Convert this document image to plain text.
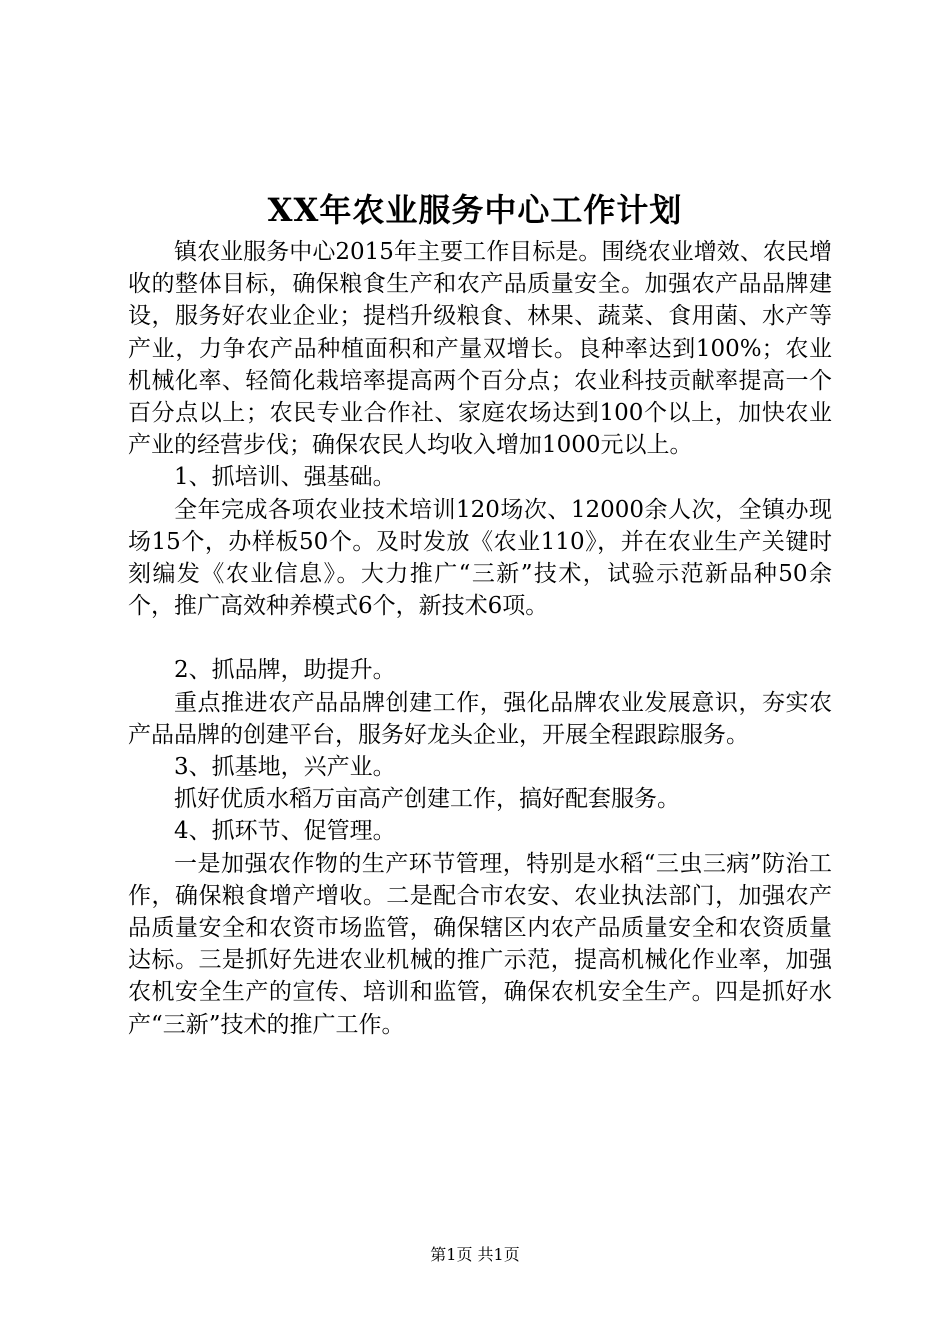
XX年农业服务中心工作计划

镇农业服务中心2015年主要工作目标是。围绕农业增效、农民增收的整体目标，确保粮食生产和农产品质量安全。加强农产品品牌建设，服务好农业企业；提档升级粮食、林果、蔬菜、食用菌、水产等产业，力争农产品种植面积和产量双增长。良种率达到100%；农业机械化率、轻简化栽培率提高两个百分点；农业科技贡献率提高一个百分点以上；农民专业合作社、家庭农场达到100个以上，加快农业产业的经营步伐；确保农民人均收入增加1000元以上。

1、抓培训、强基础。

全年完成各项农业技术培训120场次、12000余人次，全镇办现场15个，办样板50个。及时发放《农业110》，并在农业生产关键时刻编发《农业信息》。大力推广“三新”技术，试验示范新品种50余个，推广高效种养模式6个，新技术6项。

2、抓品牌，助提升。

重点推进农产品品牌创建工作，强化品牌农业发展意识，夯实农产品品牌的创建平台，服务好龙头企业，开展全程跟踪服务。

3、抓基地，兴产业。

抓好优质水稻万亩高产创建工作，搞好配套服务。

4、抓环节、促管理。

一是加强农作物的生产环节管理，特别是水稻“三虫三病”防治工作，确保粮食增产增收。二是配合市农安、农业执法部门，加强农产品质量安全和农资市场监管，确保辖区内农产品质量安全和农资质量达标。三是抓好先进农业机械的推广示范，提高机械化作业率，加强农机安全生产的宣传、培训和监管，确保农机安全生产。四是抓好水产“三新”技术的推广工作。

第1页 共1页
